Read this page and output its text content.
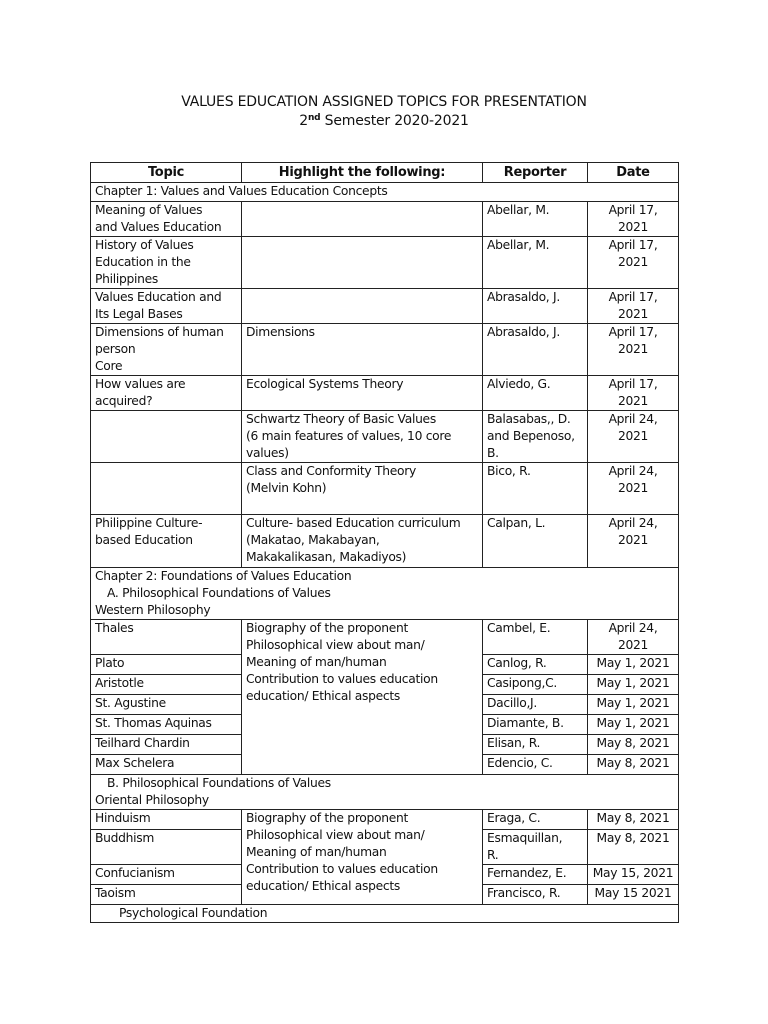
VALUES EDUCATION ASSIGNED TOPICS FOR PRESENTATION
2nd Semester 2020-2021
Topic	Highlight the following:	Reporter	Date
Chapter 1: Values and Values Education Concepts			
Meaning of Values
and Values Education		Abellar, M.	April 17, 2021
History of Values
Education in the
Philippines		Abellar, M.	April 17, 2021
Values Education and
Its Legal Bases		Abrasaldo, J.	April 17, 2021
Dimensions of human
person
Core	Dimensions	Abrasaldo, J.	April 17, 2021
How values are
acquired?	Ecological Systems Theory	Alviedo, G.	April 17, 2021
	Schwartz Theory of Basic Values
(6 main features of values, 10 core
values)	Balasabas,, D.
and Bepenoso,
B.	April 24, 2021
	Class and Conformity Theory
(Melvin Kohn)	Bico, R.	April 24, 2021
Philippine Culture-
based Education	Culture- based Education curriculum
(Makatao, Makabayan,
Makakalikasan, Makadiyos)	Calpan, L.	April 24, 2021

Chapter 2: Foundations of Values Education
A. Philosophical Foundations of Values
Western Philosophy			

Thales	Biography of the proponent
Philosophical view about man/
Meaning of man/human
Contribution to values education
education/ Ethical aspects	Cambel, E.	April 24, 2021
Plato		Canlog, R.	May 1, 2021
Aristotle		Casipong,C.	May 1, 2021
St. Agustine		Dacillo,J.	May 1, 2021
St. Thomas Aquinas		Diamante, B.	May 1, 2021
Teilhard Chardin		Elisan, R.	May 8, 2021
Max Schelera		Edencio, C.	May 8, 2021

B. Philosophical Foundations of Values
Oriental Philosophy			

Hinduism	Biography of the proponent
Philosophical view about man/
Meaning of man/human
Contribution to values education
education/ Ethical aspects	Eraga, C.	May 8, 2021
Buddhism		Esmaquillan,
R.	May 8, 2021
Confucianism		Fernandez, E.	May 15, 2021
Taoism		Francisco, R.	May 15 2021
Psychological Foundation			
